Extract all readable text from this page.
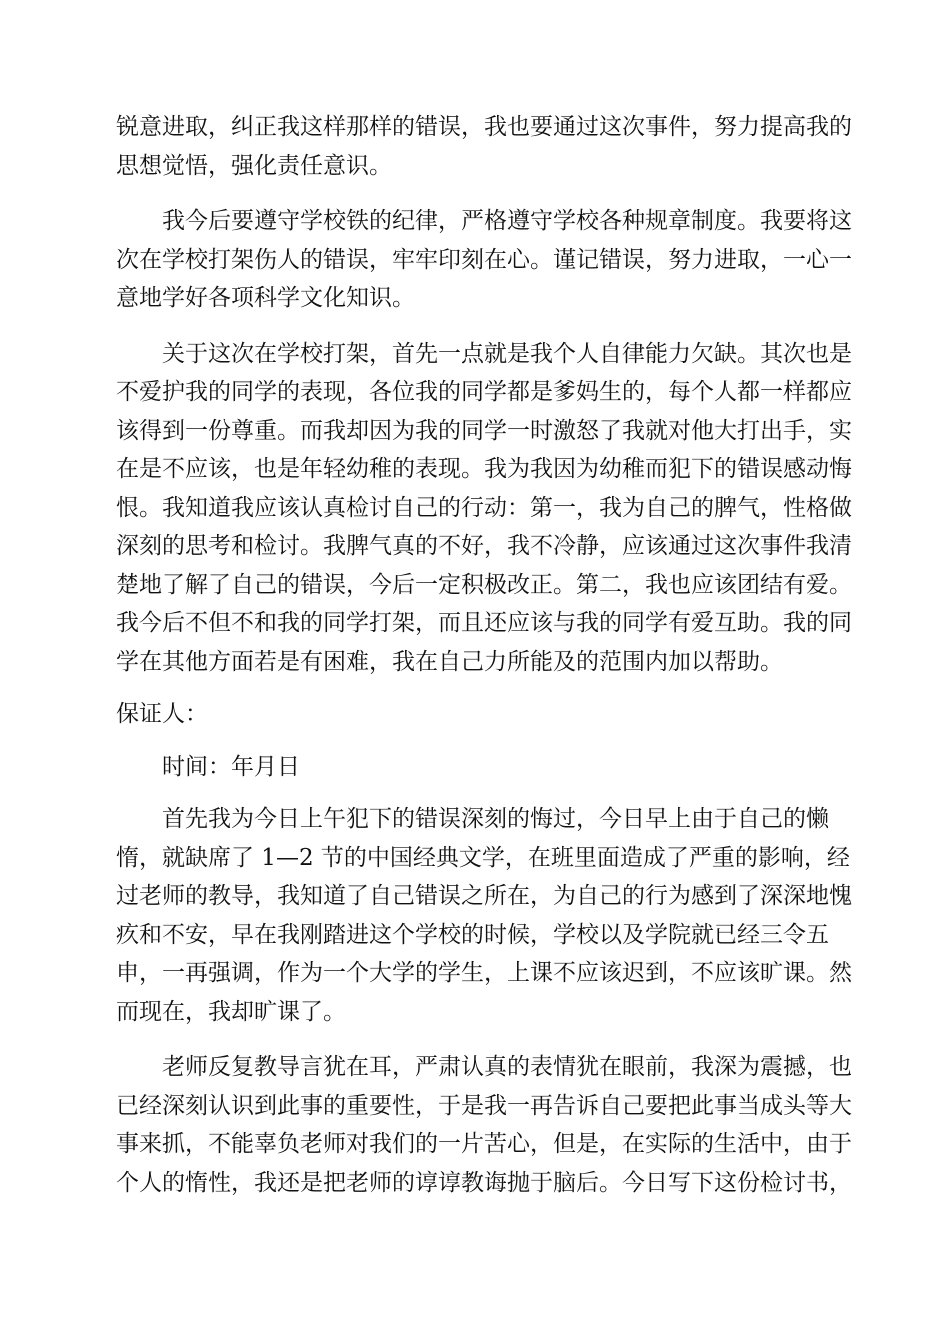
锐意进取，纠正我这样那样的错误，我也要通过这次事件，努力提高我的
思想觉悟，强化责任意识。

我今后要遵守学校铁的纪律，严格遵守学校各种规章制度。我要将这
次在学校打架伤人的错误，牢牢印刻在心。谨记错误，努力进取，一心一
意地学好各项科学文化知识。

关于这次在学校打架，首先一点就是我个人自律能力欠缺。其次也是
不爱护我的同学的表现，各位我的同学都是爹妈生的，每个人都一样都应
该得到一份尊重。而我却因为我的同学一时激怒了我就对他大打出手，实
在是不应该，也是年轻幼稚的表现。我为我因为幼稚而犯下的错误感动悔
恨。我知道我应该认真检讨自己的行动：第一，我为自己的脾气，性格做
深刻的思考和检讨。我脾气真的不好，我不冷静，应该通过这次事件我清
楚地了解了自己的错误，今后一定积极改正。第二，我也应该团结有爱。
我今后不但不和我的同学打架，而且还应该与我的同学有爱互助。我的同
学在其他方面若是有困难，我在自己力所能及的范围内加以帮助。

保证人：

时间：年月日

首先我为今日上午犯下的错误深刻的悔过，今日早上由于自己的懒
惰，就缺席了 1—2 节的中国经典文学，在班里面造成了严重的影响，经
过老师的教导，我知道了自己错误之所在，为自己的行为感到了深深地愧
疚和不安，早在我刚踏进这个学校的时候，学校以及学院就已经三令五
申，一再强调，作为一个大学的学生，上课不应该迟到，不应该旷课。然
而现在，我却旷课了。

老师反复教导言犹在耳，严肃认真的表情犹在眼前，我深为震撼，也
已经深刻认识到此事的重要性，于是我一再告诉自己要把此事当成头等大
事来抓，不能辜负老师对我们的一片苦心，但是，在实际的生活中，由于
个人的惰性，我还是把老师的谆谆教诲抛于脑后。今日写下这份检讨书，
